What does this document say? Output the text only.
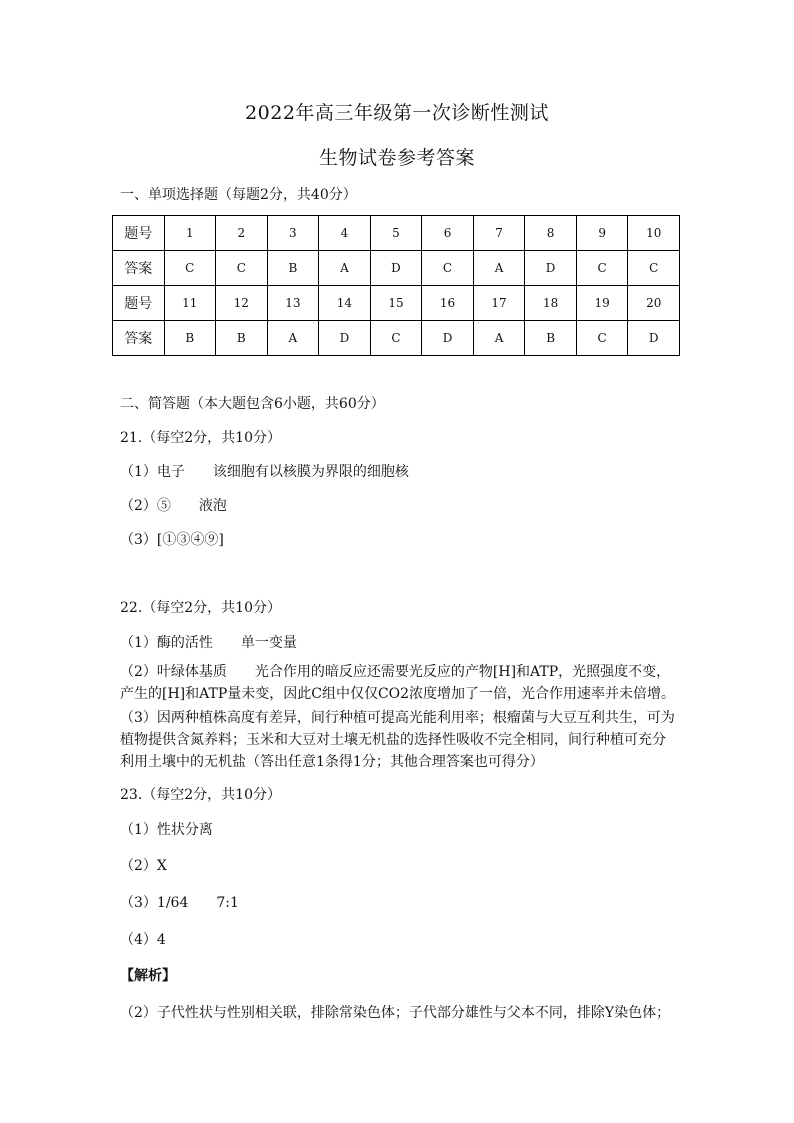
2022年高三年级第一次诊断性测试
生物试卷参考答案
一、单项选择题（每题2分，共40分）
题号	1	2	3	4	5	6	7	8	9	10
答案	C	C	B	A	D	C	A	D	C	C
题号	11	12	13	14	15	16	17	18	19	20
答案	B	B	A	D	C	D	A	B	C	D
二、简答题（本大题包含6小题，共60分）
21.（每空2分，共10分）
（1）电子 该细胞有以核膜为界限的细胞核
（2）⑤ 液泡
（3）[①③④⑨]
22.（每空2分，共10分）
（1）酶的活性 单一变量
（2）叶绿体基质　　光合作用的暗反应还需要光反应的产物[H]和ATP，光照强度不变，产生的[H]和ATP量未变，因此C组中仅仅CO2浓度增加了一倍，光合作用速率并未倍增。
（3）因两种植株高度有差异，间行种植可提高光能利用率；根瘤菌与大豆互利共生，可为植物提供含氮养料；玉米和大豆对土壤无机盐的选择性吸收不完全相同，间行种植可充分利用土壤中的无机盐（答出任意1条得1分；其他合理答案也可得分）
23.（每空2分，共10分）
（1）性状分离
（2）X
（3）1/64 7:1
（4）4
【解析】
（2）子代性状与性别相关联，排除常染色体；子代部分雄性与父本不同，排除Y染色体；
